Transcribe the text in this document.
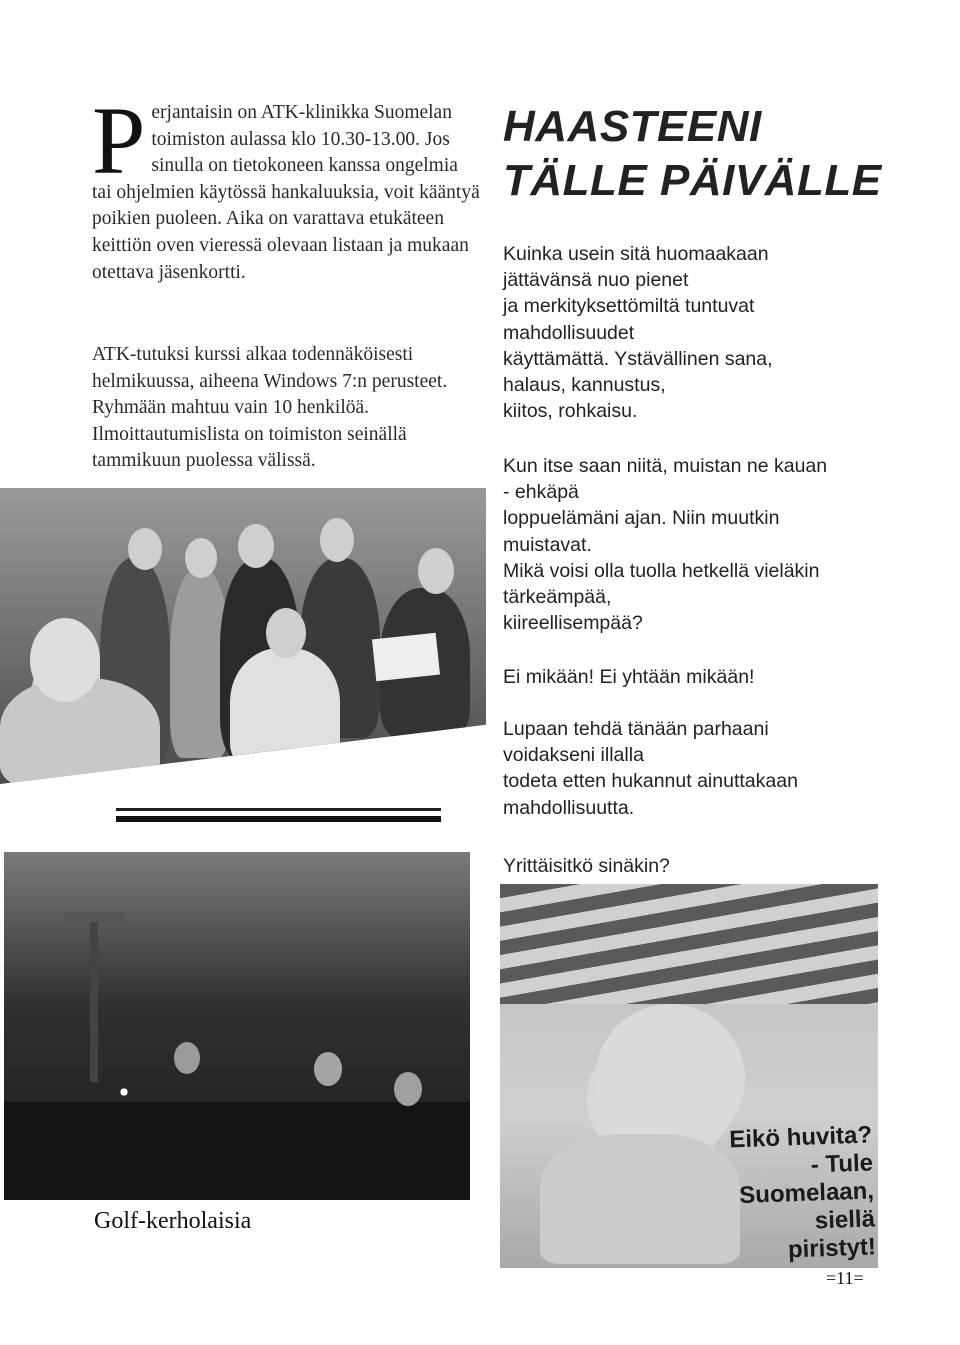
Perjantaisin on ATK-klinikka Suomelan toimiston aulassa klo 10.30-13.00. Jos sinulla on tietokoneen kanssa ongelmia tai ohjelmien käytössä hankaluuksia, voit kääntyä poikien puoleen. Aika on varattava etukäteen keittiön oven vieressä olevaan listaan ja mukaan otettava jäsenkortti.

ATK-tutuksi kurssi alkaa todennäköisesti helmikuussa, aiheena Windows 7:n perusteet. Ryhmään mahtuu vain 10 henkilöä. Ilmoittautumislista on toimiston seinällä tammikuun puolessa välissä.

Golf-kerholaisia
HAASTEENI
TÄLLE PÄIVÄLLE
Kuinka usein sitä huomaakaan
jättävänsä nuo pienet
ja merkityksettömiltä tuntuvat
mahdollisuudet
käyttämättä. Ystävällinen sana,
halaus, kannustus,
kiitos, rohkaisu.
Kun itse saan niitä, muistan ne kauan
- ehkäpä
loppuelämäni ajan. Niin muutkin
muistavat.
Mikä voisi olla tuolla hetkellä vieläkin
tärkeämpää,
kiireellisempää?
Ei mikään! Ei yhtään mikään!
Lupaan tehdä tänään parhaani
voidakseni illalla
todeta etten hukannut ainuttakaan
mahdollisuutta.
Yrittäisitkö sinäkin?
Eikö huvita?
- Tule Suomelaan,
siellä piristyt!
=11=
